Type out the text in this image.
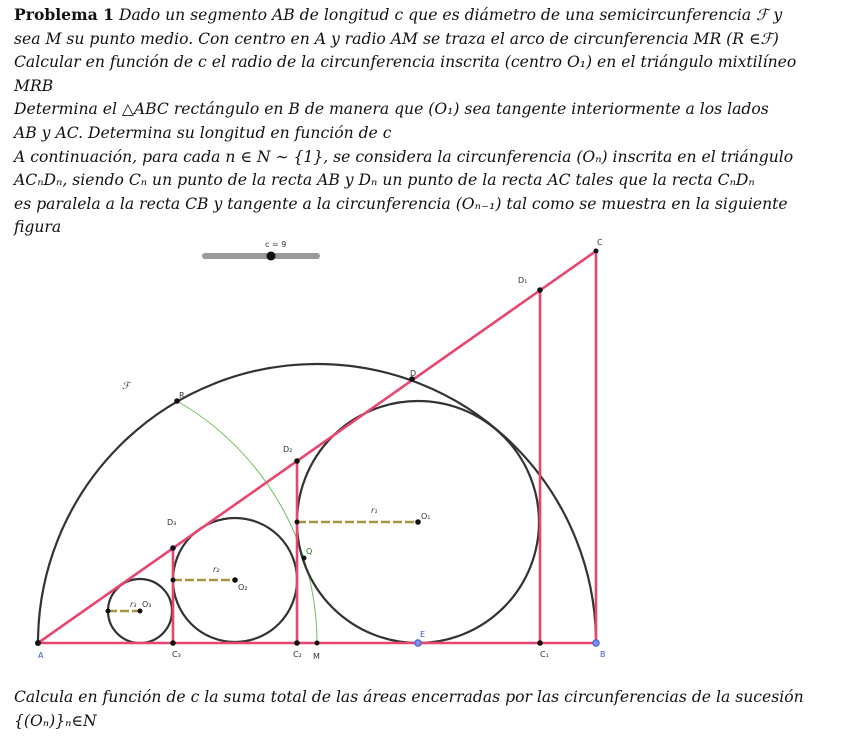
Problema 1 Dado un segmento AB de longitud c que es diámetro de una semicircunferencia ℱ y

sea M su punto medio. Con centro en A y radio AM se traza el arco de circunferencia MR (R ∈ℱ)

Calcular en función de c el radio de la circunferencia inscrita (centro O₁) en el triángulo mixtilíneo

MRB

Determina el △ABC rectángulo en B de manera que (O₁) sea tangente interiormente a los lados

AB y AC. Determina su longitud en función de c

A continuación, para cada n ∈ N ∼ {1}, se considera la circunferencia (Oₙ) inscrita en el triángulo

ACₙDₙ, siendo Cₙ un punto de la recta AB y Dₙ un punto de la recta AC tales que la recta CₙDₙ

es paralela a la recta CB y tangente a la circunferencia (Oₙ₋₁) tal como se muestra en la siguiente

figura

c = 9
A	B
C
D
D₁
D₂
D₃
C₁
C₂
C₃	M
E
Q
R
O₁
O₂
O₃
ℱ
r₁
r₂
r₃

Calcula en función de c la suma total de las áreas encerradas por las circunferencias de la sucesión

{(Oₙ)}ₙ∈N
